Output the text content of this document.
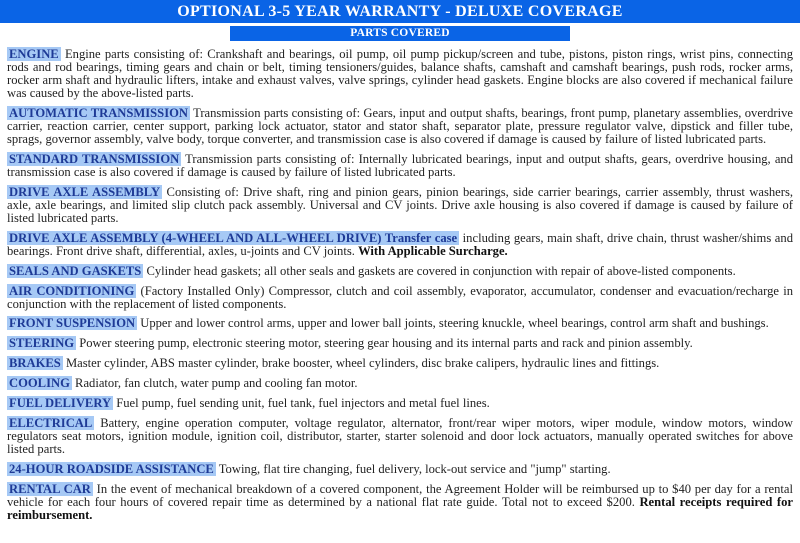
OPTIONAL 3-5 YEAR WARRANTY - DELUXE COVERAGE
PARTS COVERED

ENGINE Engine parts consisting of: Crankshaft and bearings, oil pump, oil pump pickup/screen and tube, pistons, piston rings, wrist pins, connecting rods and rod bearings, timing gears and chain or belt, timing tensioners/guides, balance shafts, camshaft and camshaft bearings, push rods, rocker arms, rocker arm shaft and hydraulic lifters, intake and exhaust valves, valve springs, cylinder head gaskets. Engine blocks are also covered if mechanical failure was caused by the above-listed parts.

AUTOMATIC TRANSMISSION Transmission parts consisting of: Gears, input and output shafts, bearings, front pump, planetary assemblies, overdrive carrier, reaction carrier, center support, parking lock actuator, stator and stator shaft, separator plate, pressure regulator valve, dipstick and filler tube, sprags, governor assembly, valve body, torque converter, and transmission case is also covered if damage is caused by failure of listed lubricated parts.

STANDARD TRANSMISSION Transmission parts consisting of: Internally lubricated bearings, input and output shafts, gears, overdrive housing, and transmission case is also covered if damage is caused by failure of listed lubricated parts.

DRIVE AXLE ASSEMBLY Consisting of: Drive shaft, ring and pinion gears, pinion bearings, side carrier bearings, carrier assembly, thrust washers, axle, axle bearings, and limited slip clutch pack assembly. Universal and CV joints. Drive axle housing is also covered if damage is caused by failure of listed lubricated parts.

DRIVE AXLE ASSEMBLY (4-WHEEL AND ALL-WHEEL DRIVE) Transfer case including gears, main shaft, drive chain, thrust washer/shims and bearings. Front drive shaft, differential, axles, u-joints and CV joints. With Applicable Surcharge.

SEALS AND GASKETS Cylinder head gaskets; all other seals and gaskets are covered in conjunction with repair of above-listed components.

AIR CONDITIONING (Factory Installed Only) Compressor, clutch and coil assembly, evaporator, accumulator, condenser and evacuation/recharge in conjunction with the replacement of listed components.

FRONT SUSPENSION Upper and lower control arms, upper and lower ball joints, steering knuckle, wheel bearings, control arm shaft and bushings.

STEERING Power steering pump, electronic steering motor, steering gear housing and its internal parts and rack and pinion assembly.

BRAKES Master cylinder, ABS master cylinder, brake booster, wheel cylinders, disc brake calipers, hydraulic lines and fittings.

COOLING Radiator, fan clutch, water pump and cooling fan motor.

FUEL DELIVERY Fuel pump, fuel sending unit, fuel tank, fuel injectors and metal fuel lines.

ELECTRICAL Battery, engine operation computer, voltage regulator, alternator, front/rear wiper motors, wiper module, window motors, window regulators seat motors, ignition module, ignition coil, distributor, starter, starter solenoid and door lock actuators, manually operated switches for above listed parts.

24-HOUR ROADSIDE ASSISTANCE Towing, flat tire changing, fuel delivery, lock-out service and "jump" starting.

RENTAL CAR In the event of mechanical breakdown of a covered component, the Agreement Holder will be reimbursed up to $40 per day for a rental vehicle for each four hours of covered repair time as determined by a national flat rate guide. Total not to exceed $200. Rental receipts required for reimbursement.
